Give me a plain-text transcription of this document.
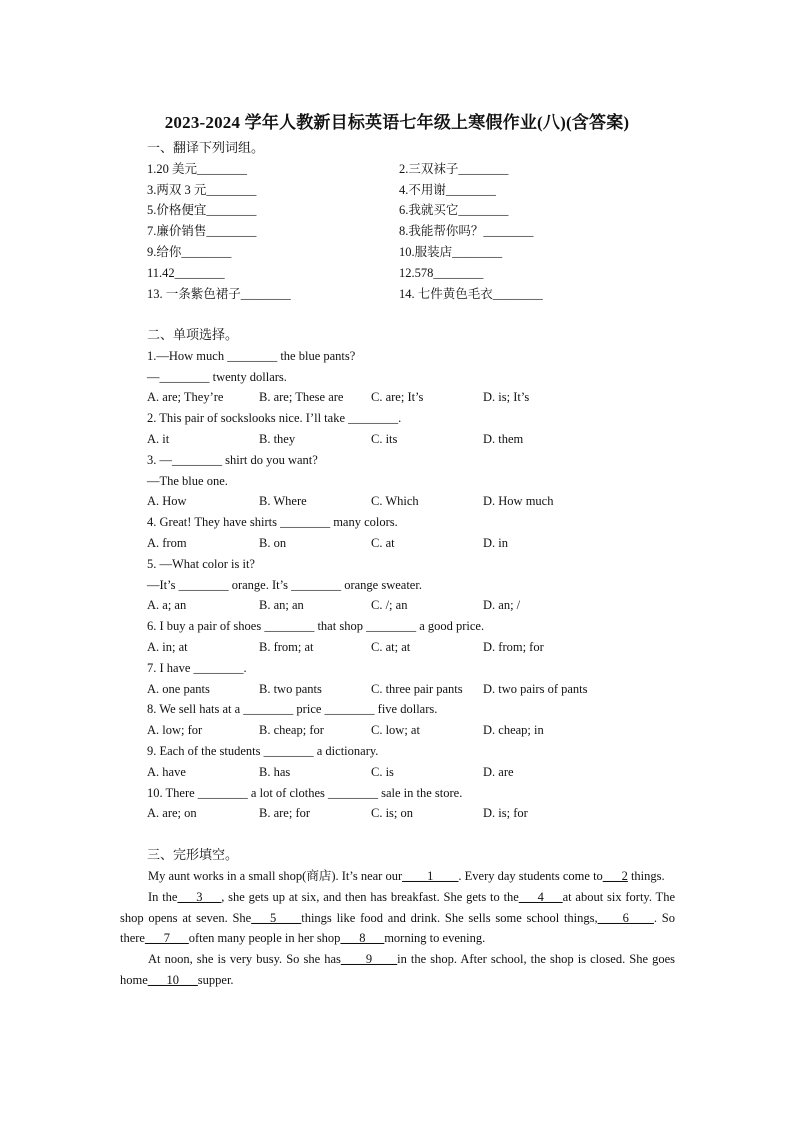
2023-2024 学年人教新目标英语七年级上寒假作业(八)(含答案)
一、翻译下列词组。
1.20 美元________	2.三双袜子________
3.两双 3 元________	4.不用谢________
5.价格便宜________	6.我就买它________
7.廉价销售________	8.我能帮你吗？________
9.给你________	10.服装店________
11.42________	12.578________
13. 一条紫色裙子________	14. 七件黄色毛衣________
二、单项选择。
1.—How much ________ the blue pants?
—________ twenty dollars.
A. are; They’re	B. are; These are	C. are; It’s	D. is; It’s
2. This pair of sockslooks nice. I’ll take ________.
A. it	B. they	C. its	D. them
3. —________ shirt do you want?
—The blue one.
A. How	B. Where	C. Which	D. How much
4. Great! They have shirts ________ many colors.
A. from	B. on	C. at	D. in
5. —What color is it?
—It’s ________ orange. It’s ________ orange sweater.
A. a; an	B. an; an	C. /; an	D. an; /
6. I buy a pair of shoes ________ that shop ________ a good price.
A. in; at	B. from; at	C. at; at	D. from; for
7. I have ________.
A. one pants	B. two pants	C. three pair pants	D. two pairs of pants
8. We sell hats at a ________ price ________ five dollars.
A. low; for	B. cheap; for	C. low; at	D. cheap; in
9. Each of the students ________ a dictionary.
A. have	B. has	C. is	D. are
10. There ________ a lot of clothes ________ sale in the store.
A. are; on	B. are; for	C. is; on	D. is; for
三、完形填空。

My aunt works in a small shop(商店). It’s near our____1____. Every day students come to___2 things.

In the___3___, she gets up at six, and then has breakfast. She gets to the___4___at about six forty. The shop opens at seven. She___5____things like food and drink. She sells some school things,____6____. So there___7___often many people in her shop___8___morning to evening.

At noon, she is very busy. So she has____9____in the shop. After school, the shop is closed. She goes home___10___supper.
